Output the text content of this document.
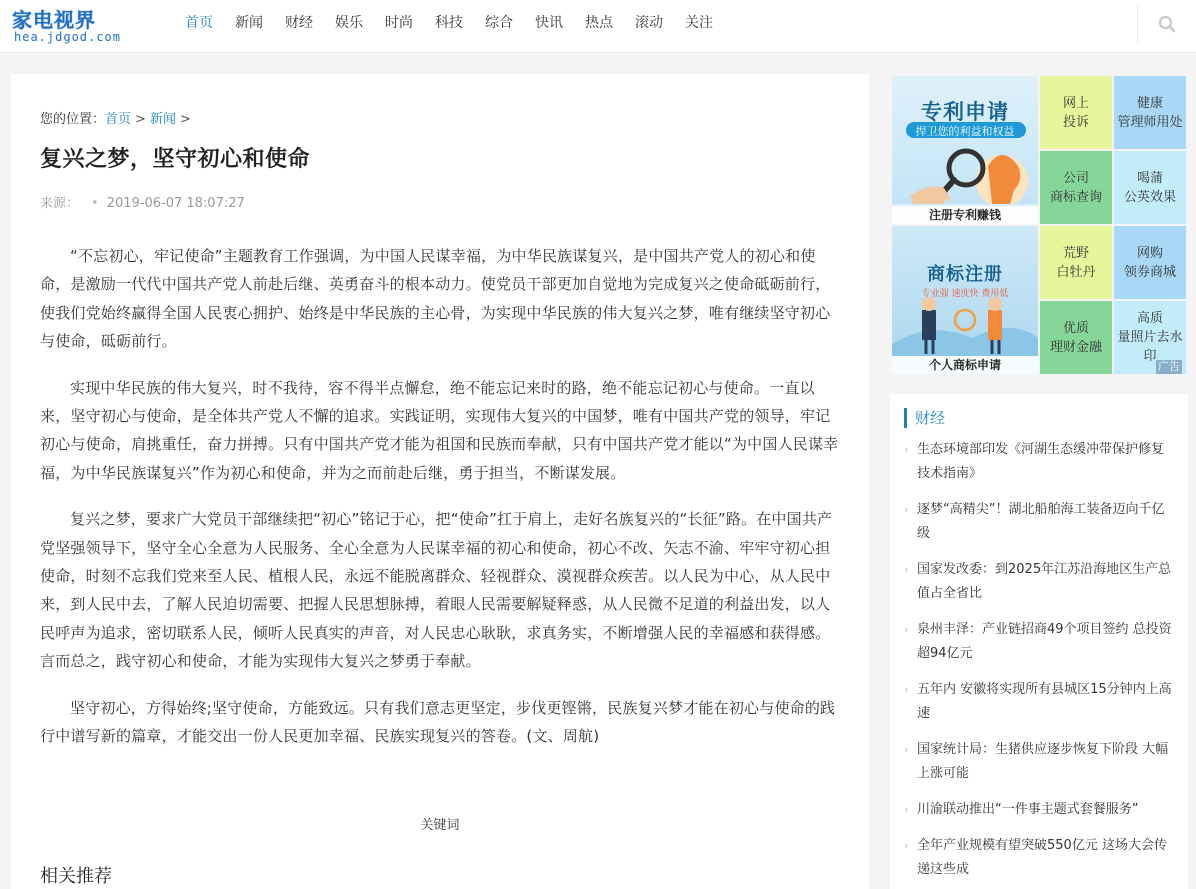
家电视界
hea.jdgod.com
首页 新闻 财经 娱乐 时尚 科技 综合 快讯 热点 滚动 关注
您的位置：首页 > 新闻 >
复兴之梦，坚守初心和使命
来源： • 2019-06-07 18:07:27

“不忘初心，牢记使命”主题教育工作强调，为中国人民谋幸福，为中华民族谋复兴，是中国共产党人的初心和使命，是激励一代代中国共产党人前赴后继、英勇奋斗的根本动力。使党员干部更加自觉地为完成复兴之使命砥砺前行，使我们党始终赢得全国人民衷心拥护、始终是中华民族的主心骨，为实现中华民族的伟大复兴之梦，唯有继续坚守初心与使命，砥砺前行。

实现中华民族的伟大复兴，时不我待，容不得半点懈怠，绝不能忘记来时的路，绝不能忘记初心与使命。一直以来，坚守初心与使命，是全体共产党人不懈的追求。实践证明，实现伟大复兴的中国梦，唯有中国共产党的领导，牢记初心与使命，肩挑重任，奋力拼搏。只有中国共产党才能为祖国和民族而奉献，只有中国共产党才能以“为中国人民谋幸福，为中华民族谋复兴”作为初心和使命，并为之而前赴后继，勇于担当，不断谋发展。

复兴之梦，要求广大党员干部继续把“初心”铭记于心，把“使命”扛于肩上，走好名族复兴的“长征”路。在中国共产党坚强领导下，坚守全心全意为人民服务、全心全意为人民谋幸福的初心和使命，初心不改、矢志不渝、牢牢守初心担使命，时刻不忘我们党来至人民、植根人民，永远不能脱离群众、轻视群众、漠视群众疾苦。以人民为中心，从人民中来，到人民中去，了解人民迫切需要、把握人民思想脉搏，着眼人民需要解疑释惑，从人民微不足道的利益出发，以人民呼声为追求，密切联系人民，倾听人民真实的声音，对人民忠心耿耿，求真务实，不断增强人民的幸福感和获得感。言而总之，践守初心和使命，才能为实现伟大复兴之梦勇于奉献。

坚守初心，方得始终;坚守使命，方能致远。只有我们意志更坚定，步伐更铿锵，民族复兴梦才能在初心与使命的践行中谱写新的篇章，才能交出一份人民更加幸福、民族实现复兴的答卷。(文、周航)

关键词
相关推荐
专利申请
捍卫您的利益和权益
注册专利赚钱
商标注册
专业强 速度快 费用低
个人商标申请
网上
投诉
健康
管理师用处
公司
商标查询
喝蒲
公英效果
荒野
白牡丹
网购
领券商城
优质
理财金融
高质
量照片去水印
广告
财经
› 生态环境部印发《河湖生态缓冲带保护修复技术指南》
› 逐梦“高精尖”！湖北船舶海工装备迈向千亿级
› 国家发改委：到2025年江苏沿海地区生产总值占全省比
› 泉州丰泽：产业链招商49个项目签约 总投资超94亿元
› 五年内 安徽将实现所有县城区15分钟内上高速
› 国家统计局：生猪供应逐步恢复下阶段 大幅上涨可能
› 川渝联动推出“一件事主题式套餐服务”
› 全年产业规模有望突破550亿元 这场大会传递这些成
